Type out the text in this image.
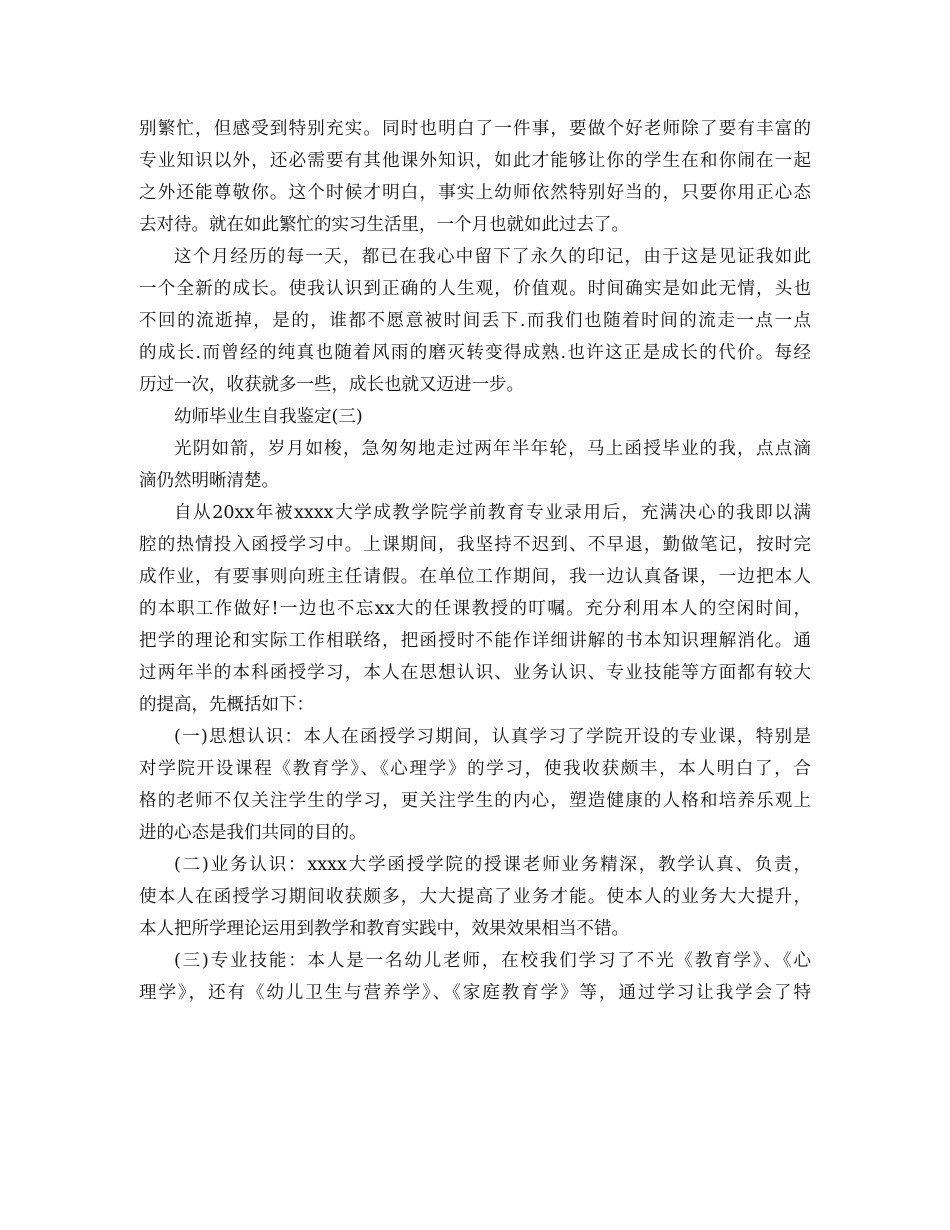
别繁忙，但感受到特别充实。同时也明白了一件事，要做个好老师除了要有丰富的
专业知识以外，还必需要有其他课外知识，如此才能够让你的学生在和你闹在一起
之外还能尊敬你。这个时候才明白，事实上幼师依然特别好当的，只要你用正心态
去对待。就在如此繁忙的实习生活里，一个月也就如此过去了。
这个月经历的每一天，都已在我心中留下了永久的印记，由于这是见证我如此
一个全新的成长。使我认识到正确的人生观，价值观。时间确实是如此无情，头也
不回的流逝掉，是的，谁都不愿意被时间丢下.而我们也随着时间的流走一点一点
的成长.而曾经的纯真也随着风雨的磨灭转变得成熟.也许这正是成长的代价。每经
历过一次，收获就多一些，成长也就又迈进一步。
幼师毕业生自我鉴定(三)
光阴如箭，岁月如梭，急匆匆地走过两年半年轮，马上函授毕业的我，点点滴
滴仍然明晰清楚。
自从20xx年被xxxx大学成教学院学前教育专业录用后，充满决心的我即以满
腔的热情投入函授学习中。上课期间，我坚持不迟到、不早退，勤做笔记，按时完
成作业，有要事则向班主任请假。在单位工作期间，我一边认真备课，一边把本人
的本职工作做好!一边也不忘xx大的任课教授的叮嘱。充分利用本人的空闲时间，
把学的理论和实际工作相联络，把函授时不能作详细讲解的书本知识理解消化。通
过两年半的本科函授学习，本人在思想认识、业务认识、专业技能等方面都有较大
的提高，先概括如下：
(一)思想认识：本人在函授学习期间，认真学习了学院开设的专业课，特别是
对学院开设课程《教育学》、《心理学》的学习，使我收获颇丰，本人明白了，合
格的老师不仅关注学生的学习，更关注学生的内心，塑造健康的人格和培养乐观上
进的心态是我们共同的目的。
(二)业务认识：xxxx大学函授学院的授课老师业务精深，教学认真、负责，
使本人在函授学习期间收获颇多，大大提高了业务才能。使本人的业务大大提升，
本人把所学理论运用到教学和教育实践中，效果效果相当不错。
(三)专业技能：本人是一名幼儿老师，在校我们学习了不光《教育学》、《心
理学》，还有《幼儿卫生与营养学》、《家庭教育学》等，通过学习让我学会了特
